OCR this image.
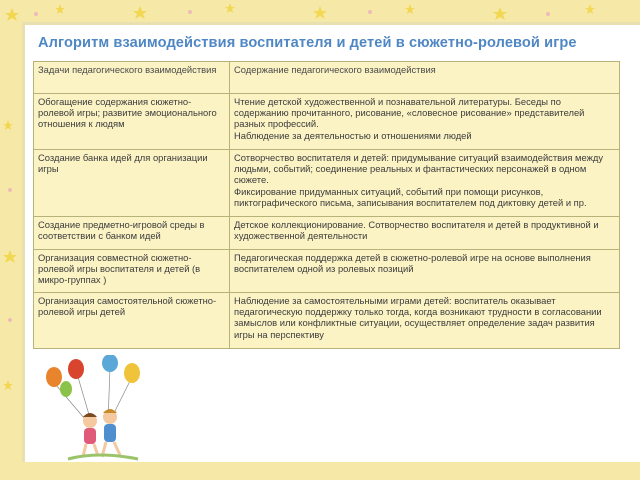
Алгоритм взаимодействия воспитателя и детей в сюжетно-ролевой игре
Задачи педагогического взаимодействия	Содержание педагогического взаимодействия
Обогащение содержания сюжетно-ролевой игры; развитие эмоционального отношения к людям	Чтение детской художественной и познавательной литературы. Беседы по содержанию прочитанного, рисование, «словесное рисование» представителей разных профессий.
Наблюдение за деятельностью и отношениями людей

Создание банка идей для организации игры	Сотворчество воспитателя и детей: придумывание ситуаций взаимодействия между людьми, событий; соединение реальных и фантастических персонажей в одном сюжете.
Фиксирование придуманных ситуаций, событий при помощи рисунков, пиктографического письма, записывания воспитателем под диктовку детей и пр.

Создание предметно-игровой среды в соответствии с банком идей	Детское коллекционирование. Сотворчество воспитателя и детей в продуктивной и художественной деятельности

Организация совместной сюжетно-ролевой игры воспитателя и детей (в микро-группах )	Педагогическая поддержка детей в сюжетно-ролевой игре на основе выполнения воспитателем одной из ролевых позиций

Организация самостоятельной сюжетно-ролевой игры детей	Наблюдение за самостоятельными играми детей: воспитатель оказывает педагогическую поддержку только тогда, когда возникают трудности в согласовании замыслов или конфликтные ситуации, осуществляет определение задач развития игры на перспективу
